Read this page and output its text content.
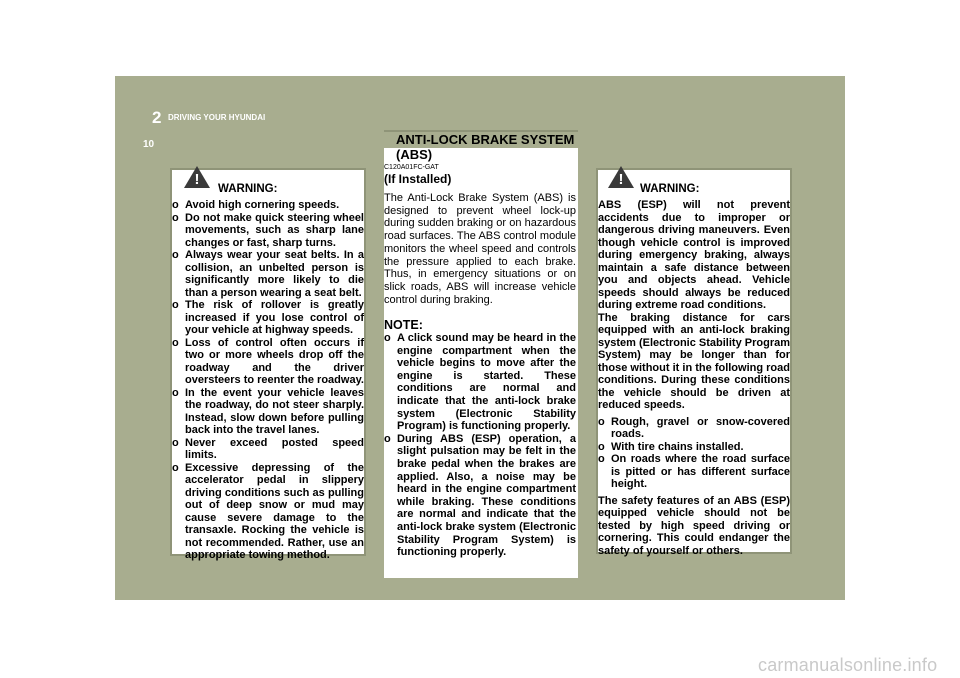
2 DRIVING YOUR HYUNDAI
10
!
WARNING:
o Avoid high cornering speeds.
o Do not make quick steering wheel movements, such as sharp lane changes or fast, sharp turns.
o Always wear your seat belts. In a collision, an unbelted person is significantly more likely to die than a person wearing a seat belt.
o The risk of rollover is greatly increased if you lose control of your vehicle at highway speeds.
o Loss of control often occurs if two or more wheels drop off the roadway and the driver oversteers to reenter the roadway.
o In the event your vehicle leaves the roadway, do not steer sharply. Instead, slow down before pulling back into the travel lanes.
o Never exceed posted speed limits.
o Excessive depressing of the accelerator pedal in slippery driving conditions such as pulling out of deep snow or mud may cause severe damage to the transaxle. Rocking the vehicle is not recommended. Rather, use an appropriate towing method.
ANTI-LOCK BRAKE SYSTEM (ABS)
C120A01FC-GAT
(If Installed)
The Anti-Lock Brake System (ABS) is designed to prevent wheel lock-up during sudden braking or on hazardous road surfaces. The ABS control module monitors the wheel speed and controls the pressure applied to each brake. Thus, in emergency situations or on slick roads, ABS will increase vehicle control during braking.
NOTE:
o A click sound may be heard in the engine compartment when the vehicle begins to move after the engine is started. These conditions are normal and indicate that the anti-lock brake system (Electronic Stability Program) is functioning properly.
o During ABS (ESP) operation, a slight pulsation may be felt in the brake pedal when the brakes are applied. Also, a noise may be heard in the engine compartment while braking. These conditions are normal and indicate that the anti-lock brake system (Electronic Stability Program System) is functioning properly.
!
WARNING:
ABS (ESP) will not prevent accidents due to improper or dangerous driving maneuvers. Even though vehicle control is improved during emergency braking, always maintain a safe distance between you and objects ahead. Vehicle speeds should always be reduced during extreme road conditions.
The braking distance for cars equipped with an anti-lock braking system (Electronic Stability Program System) may be longer than for those without it in the following road conditions. During these conditions the vehicle should be driven at reduced speeds.
o Rough, gravel or snow-covered roads.
o With tire chains installed.
o On roads where the road surface is pitted or has different surface height.
The safety features of an ABS (ESP) equipped vehicle should not be tested by high speed driving or cornering. This could endanger the safety of yourself or others.
carmanualsonline.info
